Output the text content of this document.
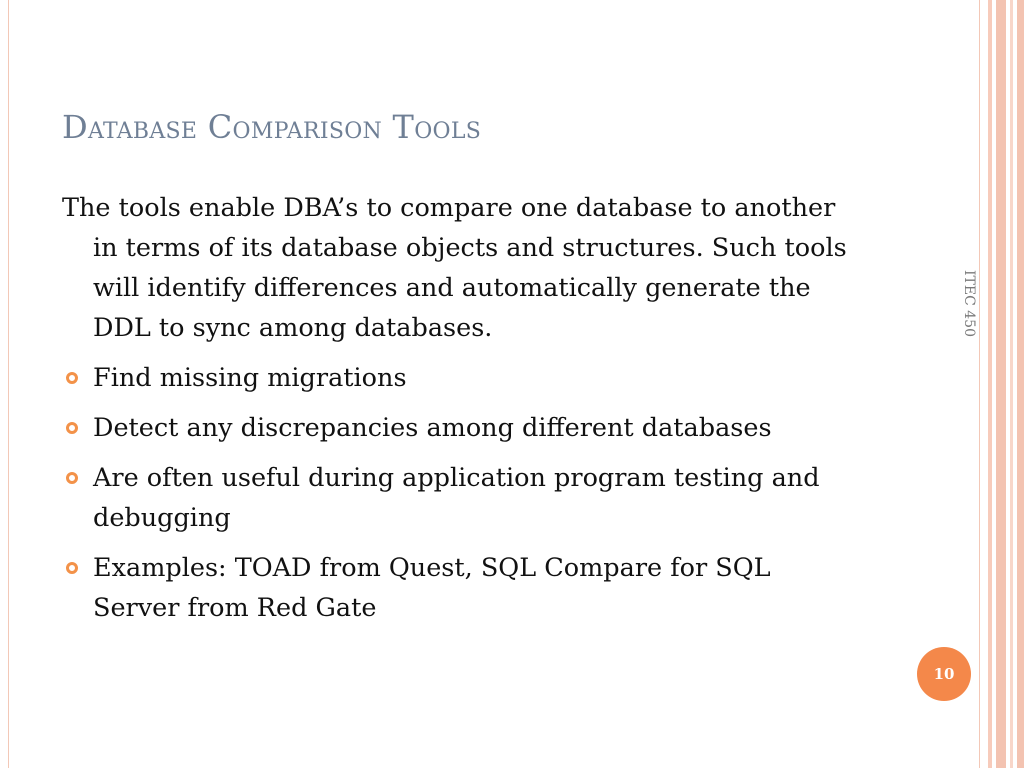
Database Comparison Tools

The tools enable DBA’s to compare one database to another in terms of its database objects and structures. Such tools will identify differences and automatically generate the DDL to sync among databases.

Find missing migrations
Detect any discrepancies among different databases
Are often useful during application program testing and debugging
Examples: TOAD from Quest, SQL Compare for SQL Server from Red Gate
ITEC 450
10
